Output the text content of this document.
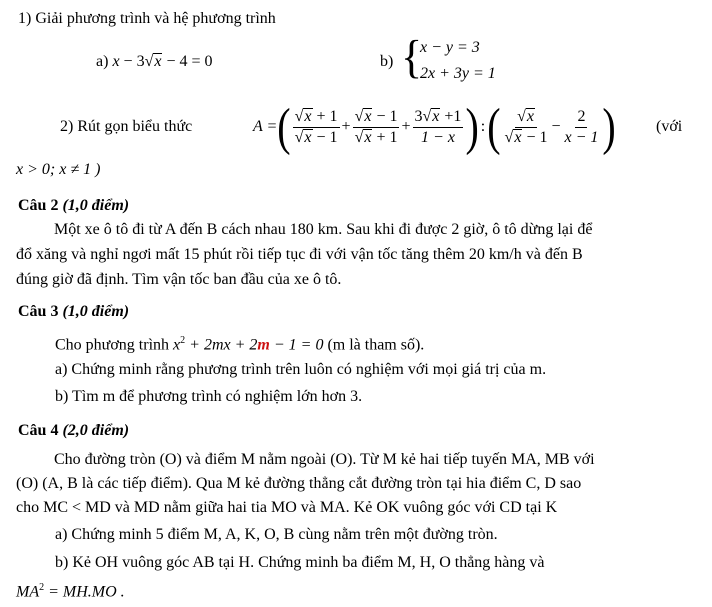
1) Giải phương trình và hệ phương trình
a) x − 3√x − 4 = 0	b) {
x − y = 3
2x + 3y = 1
2) Rút gọn biểu thức	A = ( $\frac{√x + 1}{√x - 1} + \frac{√x - 1}{√x + 1} + \frac{3√x +1}{1 - x}$ ) : ( $\frac{√x}{√x - 1} - \frac{2}{x - 1}$ )	(với
x > 0; x ≠ 1 )
Câu 2 (1,0 điểm)
Một xe ô tô đi từ A đến B cách nhau 180 km. Sau khi đi được 2 giờ, ô tô dừng lại để
đổ xăng và nghỉ ngơi mất 15 phút rồi tiếp tục đi với vận tốc tăng thêm 20 km/h và đến B
đúng giờ đã định. Tìm vận tốc ban đầu của xe ô tô.
Câu 3 (1,0 điểm)
Cho phương trình $x^2 + 2mx + 2m - 1 = 0$ (m là tham số).
a) Chứng minh rằng phương trình trên luôn có nghiệm với mọi giá trị của m.
b) Tìm m để phương trình có nghiệm lớn hơn 3.
Câu 4 (2,0 điểm)
Cho đường tròn (O) và điểm M nằm ngoài (O). Từ M kẻ hai tiếp tuyến MA, MB với
(O) (A, B là các tiếp điểm). Qua M kẻ đường thẳng cắt đường tròn tại hia điểm C, D sao
cho MC < MD và MD nằm giữa hai tia MO và MA. Kẻ OK vuông góc với CD tại K
a) Chứng minh 5 điểm M, A, K, O, B cùng nằm trên một đường tròn.
b) Kẻ OH vuông góc AB tại H. Chứng minh ba điểm M, H, O thẳng hàng và
$MA^2 = MH.MO$ .
